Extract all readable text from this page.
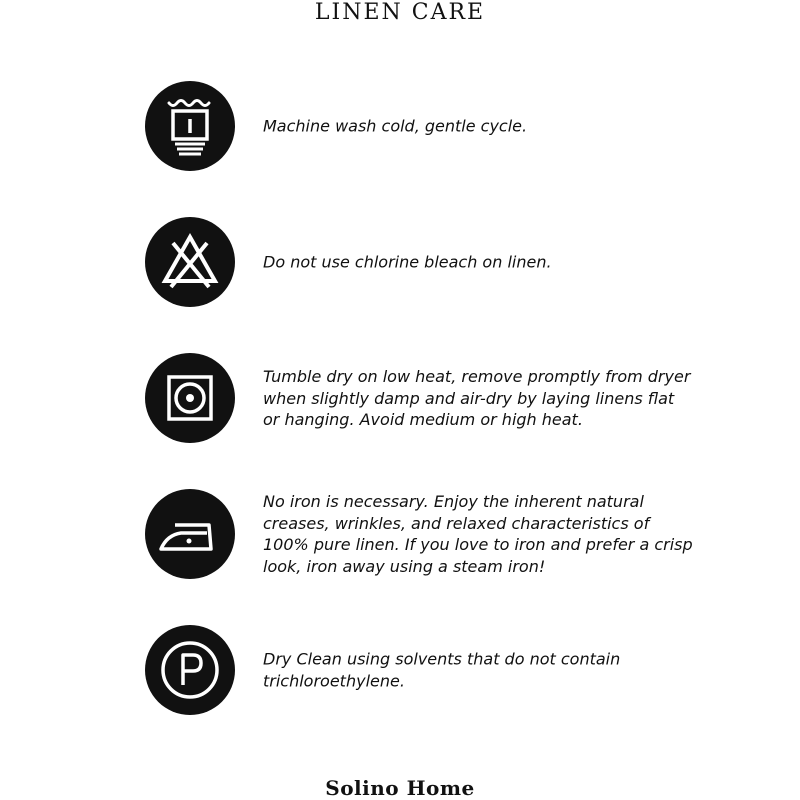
LINEN CARE
Machine wash cold, gentle cycle.
Do not use chlorine bleach on linen.
Tumble dry on low heat, remove promptly from dryer when slightly damp and air-dry by laying linens flat or hanging. Avoid medium or high heat.
No iron is necessary. Enjoy the inherent natural creases, wrinkles, and relaxed characteristics of 100% pure linen. If you love to iron and prefer a crisp look, iron away using a steam iron!
Dry Clean using solvents that do not contain trichloroethylene.
Solino Home
